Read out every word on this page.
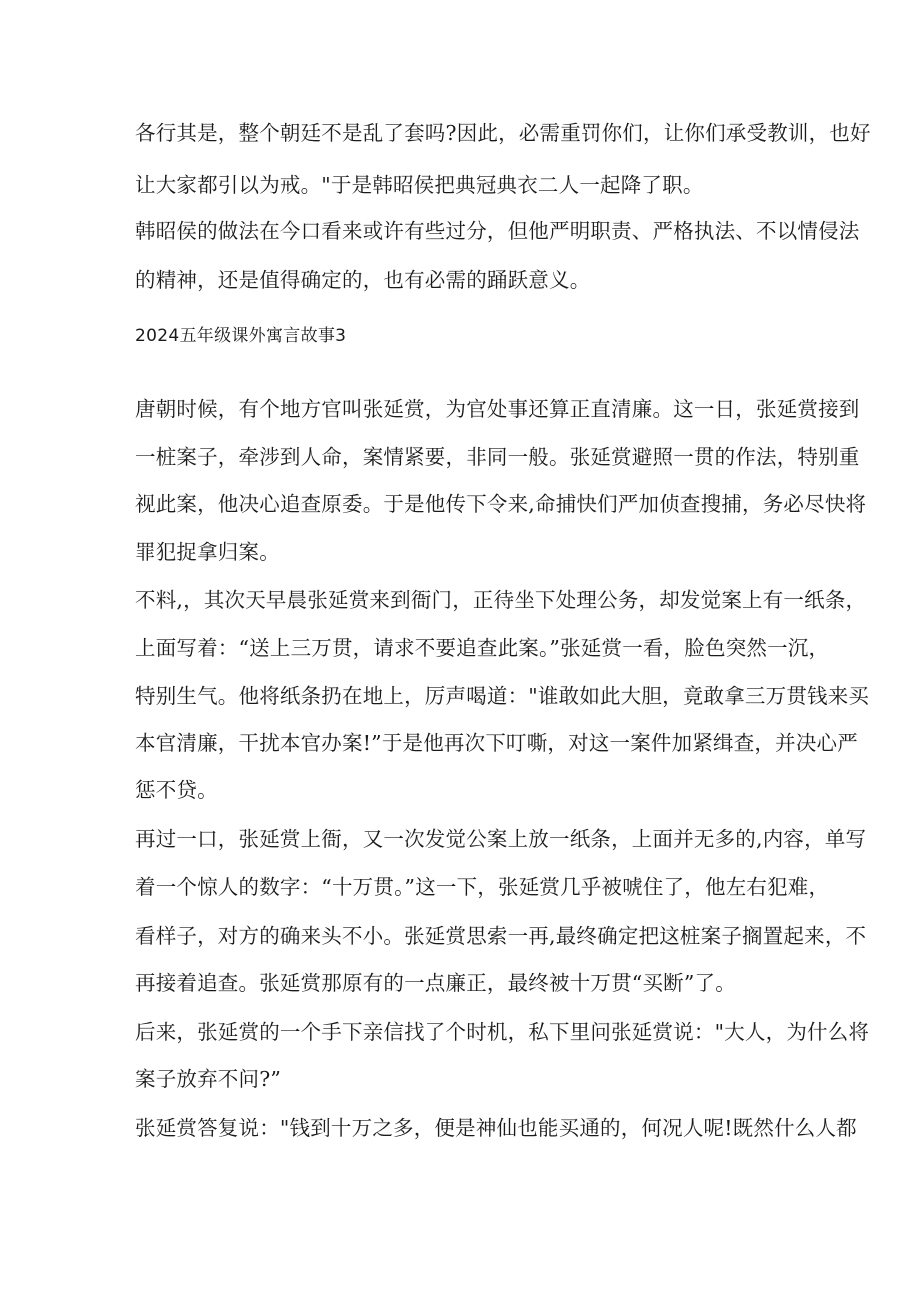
各行其是，整个朝廷不是乱了套吗?因此，必需重罚你们，让你们承受教训，也好
让大家都引以为戒。"于是韩昭侯把典冠典衣二人一起降了职。
韩昭侯的做法在今口看来或许有些过分，但他严明职责、严格执法、不以情侵法
的精神，还是值得确定的，也有必需的踊跃意义。
2024五年级课外寓言故事3
唐朝时候，有个地方官叫张延赏，为官处事还算正直清廉。这一日，张延赏接到
一桩案子，牵涉到人命，案情紧要，非同一般。张延赏避照一贯的作法，特别重
视此案，他决心追查原委。于是他传下令来,命捕快们严加侦查搜捕，务必尽快将
罪犯捉拿归案。
不料,，其次天早晨张延赏来到衙门，正待坐下处理公务，却发觉案上有一纸条，
上面写着：“送上三万贯，请求不要追查此案。”张延赏一看，脸色突然一沉，
特别生气。他将纸条扔在地上，厉声喝道："谁敢如此大胆，竟敢拿三万贯钱来买
本官清廉，干扰本官办案!”于是他再次下叮嘶，对这一案件加紧缉查，并决心严
惩不贷。
再过一口，张延赏上衙，又一次发觉公案上放一纸条，上面并无多的,内容，单写
着一个惊人的数字：“十万贯。”这一下，张延赏几乎被唬住了，他左右犯难，
看样子，对方的确来头不小。张延赏思索一再,最终确定把这桩案子搁置起来，不
再接着追查。张延赏那原有的一点廉正，最终被十万贯“买断”了。
后来，张延赏的一个手下亲信找了个时机，私下里问张延赏说："大人，为什么将
案子放弃不问?”
张延赏答复说："钱到十万之多，便是神仙也能买通的，何况人呢!既然什么人都
